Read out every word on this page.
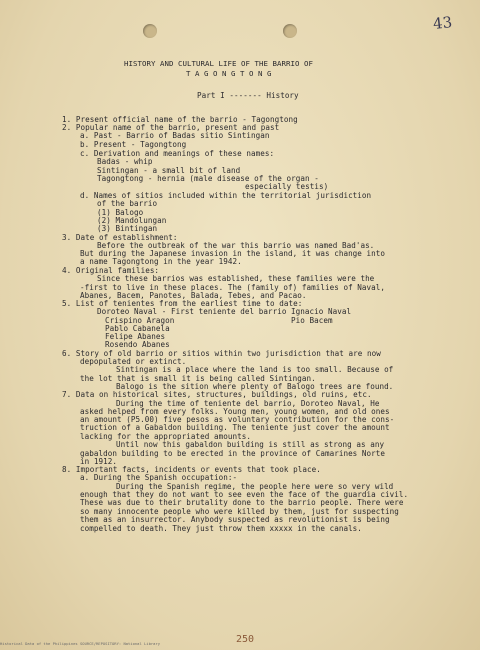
43
HISTORY AND CULTURAL LIFE OF THE BARRIO OF
T A G O N G T O N G
Part I ------- History
1. Present official name of the barrio - Tagongtong
2. Popular name of the barrio, present and past
a. Past - Barrio of Badas sitio Sintingan
b. Present - Tagongtong
c. Derivation and meanings of these names:
Badas - whip
Sintingan - a small bit of land
Tagongtong - hernia (male disease of the organ -
especially testis)
d. Names of sitios included within the territorial jurisdiction
of the barrio
(1) Balogo
(2) Mandolungan
(3) Bintingan
3. Date of establishment:
Before the outbreak of the war this barrio was named Bad'as.
But during the Japanese invasion in the island, it was change into
a name Tagongtong in the year 1942.
4. Original families:
Since these barrios was established, these families were the
-first to live in these places. The (family of) families of Naval,
Abanes, Bacem, Panotes, Balada, Tebes, and Pacao.
5. List of tenientes from the earliest time to date:
Doroteo Naval - First teniente del barrio Ignacio Naval
Crispino Aragon	Pio Bacem
Pablo Cabanela
Felipe Abanes
Rosendo Abanes
6. Story of old barrio or sitios within two jurisdiction that are now
depopulated or extinct.
Sintingan is a place where the land is too small. Because of
the lot that is small it is being called Sintingan.
Balogo is the sition where plenty of Balogo trees are found.
7. Data on historical sites, structures, buildings, old ruins, etc.
During the time of teniente del barrio, Doroteo Naval, He
asked helped from every folks. Young men, young women, and old ones
an amount (P5.00) five pesos as voluntary contribution for the cons-
truction of a Gabaldon building. The teniente just cover the amount
lacking for the appropriated amounts.
Until now this gabaldon building is still as strong as any
gabaldon building to be erected in the province of Camarines Norte
in 1912.
8. Important facts, incidents or events that took place.
a. During the Spanish occupation:-
During the Spanish regime, the people here were so very wild
enough that they do not want to see even the face of the guardia civil.
These was due to their brutality done to the barrio people. There were
so many innocente people who were killed by them, just for suspecting
them as an insurrector. Anybody suspected as revolutionist is being
compelled to death. They just throw them xxxxx in the canals.
250
Historical Data of the Philippines SOURCE/REPOSITORY: National Library
